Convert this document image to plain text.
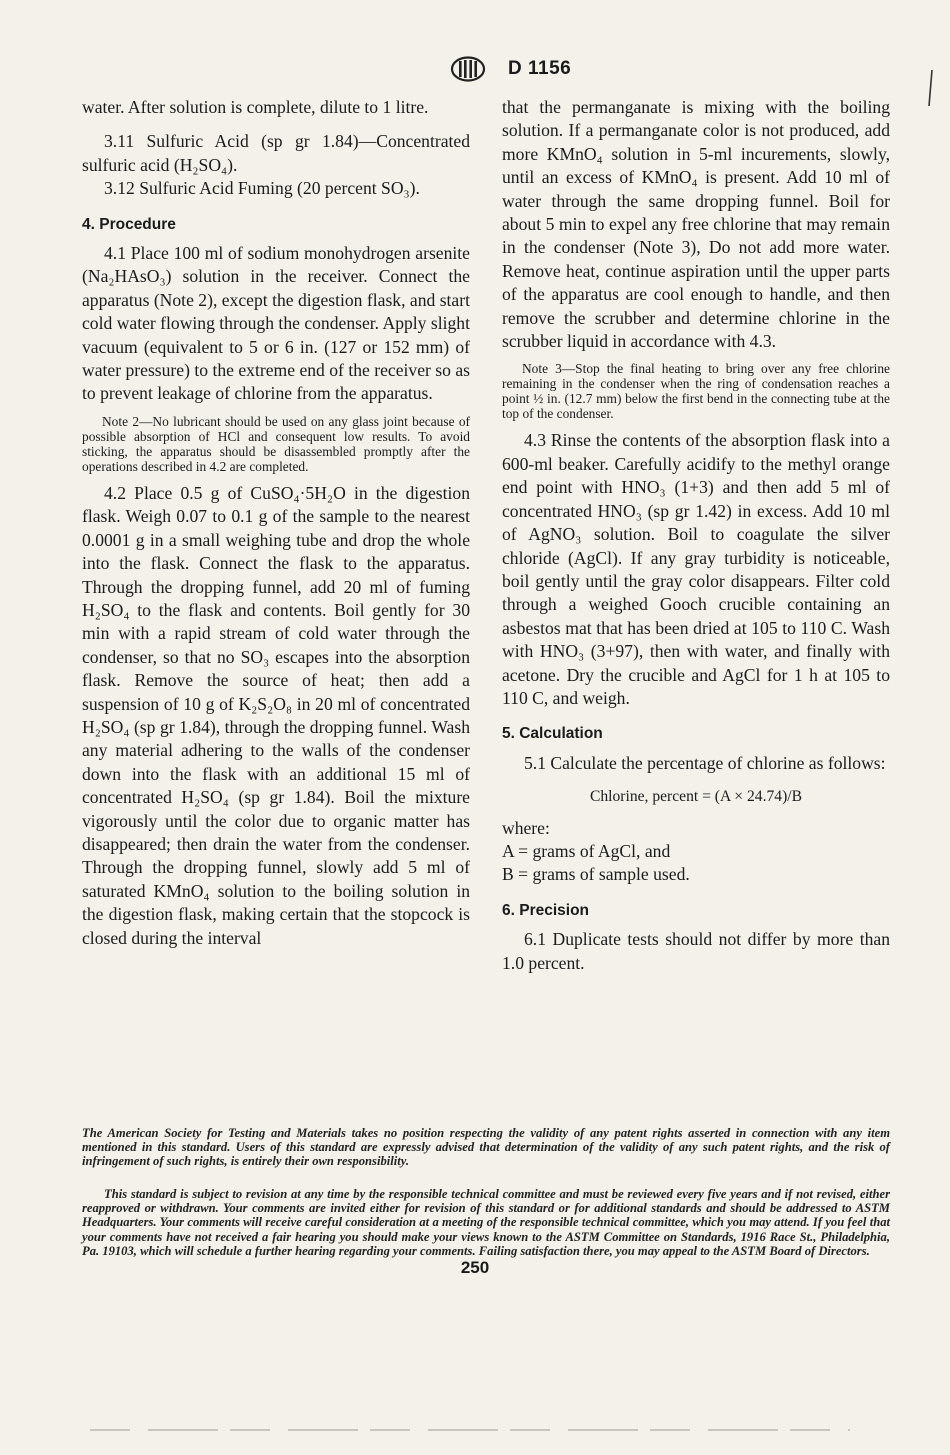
D 1156

water. After solution is complete, dilute to 1 litre.

3.11 Sulfuric Acid (sp gr 1.84)—Concentrated sulfuric acid (H₂SO₄).

3.12 Sulfuric Acid Fuming (20 percent SO₃).

4. Procedure

4.1 Place 100 ml of sodium monohydrogen arsenite (Na₂HAsO₃) solution in the receiver. Connect the apparatus (Note 2), except the digestion flask, and start cold water flowing through the condenser. Apply slight vacuum (equivalent to 5 or 6 in. (127 or 152 mm) of water pressure) to the extreme end of the receiver so as to prevent leakage of chlorine from the apparatus.

Note 2—No lubricant should be used on any glass joint because of possible absorption of HCl and consequent low results. To avoid sticking, the apparatus should be disassembled promptly after the operations described in 4.2 are completed.

4.2 Place 0.5 g of CuSO₄·5H₂O in the digestion flask. Weigh 0.07 to 0.1 g of the sample to the nearest 0.0001 g in a small weighing tube and drop the whole into the flask. Connect the flask to the apparatus. Through the dropping funnel, add 20 ml of fuming H₂SO₄ to the flask and contents. Boil gently for 30 min with a rapid stream of cold water through the condenser, so that no SO₃ escapes into the absorption flask. Remove the source of heat; then add a suspension of 10 g of K₂S₂O₈ in 20 ml of concentrated H₂SO₄ (sp gr 1.84), through the dropping funnel. Wash any material adhering to the walls of the condenser down into the flask with an additional 15 ml of concentrated H₂SO₄ (sp gr 1.84). Boil the mixture vigorously until the color due to organic matter has disappeared; then drain the water from the condenser. Through the dropping funnel, slowly add 5 ml of saturated KMnO₄ solution to the boiling solution in the digestion flask, making certain that the stopcock is closed during the interval

that the permanganate is mixing with the boiling solution. If a permanganate color is not produced, add more KMnO₄ solution in 5-ml incurements, slowly, until an excess of KMnO₄ is present. Add 10 ml of water through the same dropping funnel. Boil for about 5 min to expel any free chlorine that may remain in the condenser (Note 3), Do not add more water. Remove heat, continue aspiration until the upper parts of the apparatus are cool enough to handle, and then remove the scrubber and determine chlorine in the scrubber liquid in accordance with 4.3.

Note 3—Stop the final heating to bring over any free chlorine remaining in the condenser when the ring of condensation reaches a point ½ in. (12.7 mm) below the first bend in the connecting tube at the top of the condenser.

4.3 Rinse the contents of the absorption flask into a 600-ml beaker. Carefully acidify to the methyl orange end point with HNO₃ (1+3) and then add 5 ml of concentrated HNO₃ (sp gr 1.42) in excess. Add 10 ml of AgNO₃ solution. Boil to coagulate the silver chloride (AgCl). If any gray turbidity is noticeable, boil gently until the gray color disappears. Filter cold through a weighed Gooch crucible containing an asbestos mat that has been dried at 105 to 110 C. Wash with HNO₃ (3+97), then with water, and finally with acetone. Dry the crucible and AgCl for 1 h at 105 to 110 C, and weigh.

5. Calculation

5.1 Calculate the percentage of chlorine as follows:

Chlorine, percent = (A × 24.74)/B

where:

A = grams of AgCl, and

B = grams of sample used.

6. Precision

6.1 Duplicate tests should not differ by more than 1.0 percent.

The American Society for Testing and Materials takes no position respecting the validity of any patent rights asserted in connection with any item mentioned in this standard. Users of this standard are expressly advised that determination of the validity of any such patent rights, and the risk of infringement of such rights, is entirely their own responsibility.

This standard is subject to revision at any time by the responsible technical committee and must be reviewed every five years and if not revised, either reapproved or withdrawn. Your comments are invited either for revision of this standard or for additional standards and should be addressed to ASTM Headquarters. Your comments will receive careful consideration at a meeting of the responsible technical committee, which you may attend. If you feel that your comments have not received a fair hearing you should make your views known to the ASTM Committee on Standards, 1916 Race St., Philadelphia, Pa. 19103, which will schedule a further hearing regarding your comments. Failing satisfaction there, you may appeal to the ASTM Board of Directors.

250
